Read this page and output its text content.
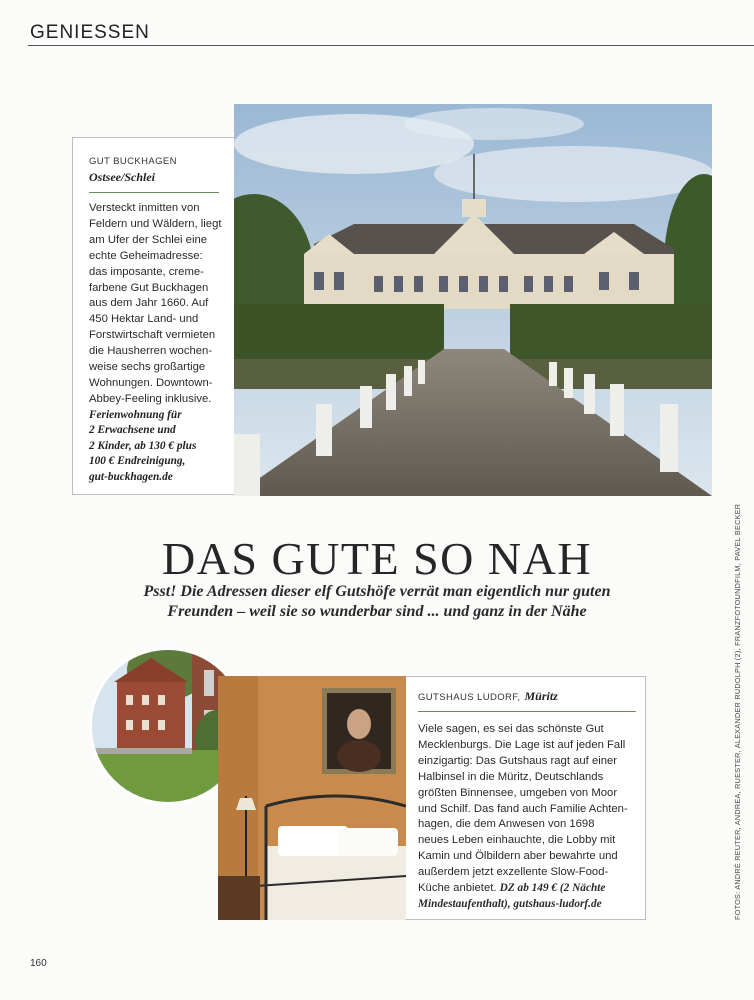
GENIESSEN
GUT BUCKHAGEN
Ostsee/Schlei
Versteckt inmitten von
Feldern und Wäldern, liegt
am Ufer der Schlei eine
echte Geheimadresse:
das imposante, creme-
farbene Gut Buckhagen
aus dem Jahr 1660. Auf
450 Hektar Land- und
Forstwirtschaft vermieten
die Hausherren wochen-
weise sechs großartige
Wohnungen. Downtown-
Abbey-Feeling inklusive.
Ferienwohnung für
2 Erwachsene und
2 Kinder, ab 130 € plus
100 € Endreinigung,
gut-buckhagen.de
DAS GUTE SO NAH
Psst! Die Adressen dieser elf Gutshöfe verrät man eigentlich nur guten
Freunden – weil sie so wunderbar sind ... und ganz in der Nähe
GUTSHAUS LUDORF, Müritz
Viele sagen, es sei das schönste Gut
Mecklenburgs. Die Lage ist auf jeden Fall
einzigartig: Das Gutshaus ragt auf einer
Halbinsel in die Müritz, Deutschlands
größten Binnensee, umgeben von Moor
und Schilf. Das fand auch Familie Achten-
hagen, die dem Anwesen von 1698
neues Leben einhauchte, die Lobby mit
Kamin und Ölbildern aber bewahrte und
außerdem jetzt exzellente Slow-Food-
Küche anbietet. DZ ab 149 € (2 Nächte
Mindestaufenthalt), gutshaus-ludorf.de	FOTOS: ANDRÉ REUTER, ANDREA, RUESTER, ALEXANDER RUDOLPH (2), FRANZFOTOUNDFILM, PAVEL BECKER
160
